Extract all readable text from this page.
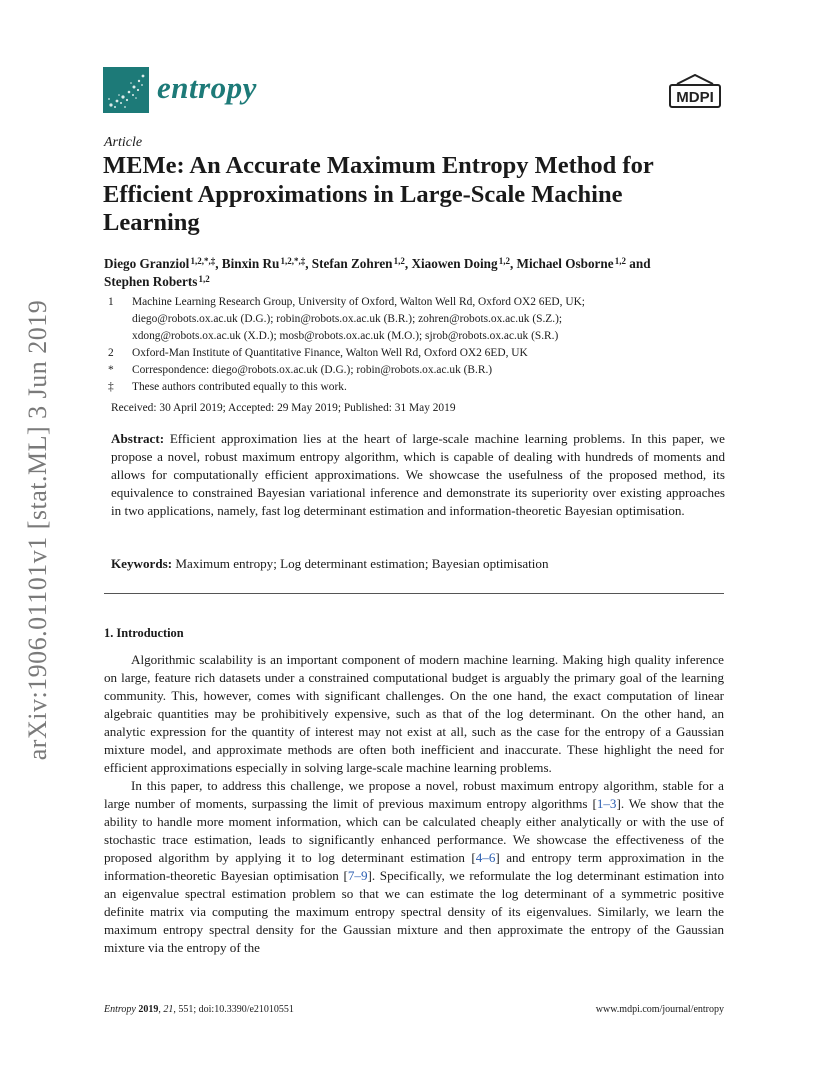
entropy	MDPI
Article
MEMe: An Accurate Maximum Entropy Method for Efficient Approximations in Large-Scale Machine Learning
Diego Granziol $^{1,2,*,\ddagger}$, Binxin Ru $^{1,2,*,\ddagger}$, Stefan Zohren $^{1,2}$, Xiaowen Doing $^{1,2}$, Michael Osborne $^{1,2}$ and
Stephen Roberts $^{1,2}$
1	Machine Learning Research Group, University of Oxford, Walton Well Rd, Oxford OX2 6ED, UK;
diego@robots.ox.ac.uk (D.G.); robin@robots.ox.ac.uk (B.R.); zohren@robots.ox.ac.uk (S.Z.);
xdong@robots.ox.ac.uk (X.D.); mosb@robots.ox.ac.uk (M.O.); sjrob@robots.ox.ac.uk (S.R.)
2	Oxford-Man Institute of Quantitative Finance, Walton Well Rd, Oxford OX2 6ED, UK
*	Correspondence: diego@robots.ox.ac.uk (D.G.); robin@robots.ox.ac.uk (B.R.)
‡	These authors contributed equally to this work.
Received: 30 April 2019; Accepted: 29 May 2019; Published: 31 May 2019
Abstract: Efficient approximation lies at the heart of large-scale machine learning problems. In this paper, we propose a novel, robust maximum entropy algorithm, which is capable of dealing with hundreds of moments and allows for computationally efficient approximations. We showcase the usefulness of the proposed method, its equivalence to constrained Bayesian variational inference and demonstrate its superiority over existing approaches in two applications, namely, fast log determinant estimation and information-theoretic Bayesian optimisation.
Keywords: Maximum entropy; Log determinant estimation; Bayesian optimisation
1. Introduction

Algorithmic scalability is an important component of modern machine learning. Making high quality inference on large, feature rich datasets under a constrained computational budget is arguably the primary goal of the learning community. This, however, comes with significant challenges. On the one hand, the exact computation of linear algebraic quantities may be prohibitively expensive, such as that of the log determinant. On the other hand, an analytic expression for the quantity of interest may not exist at all, such as the case for the entropy of a Gaussian mixture model, and approximate methods are often both inefficient and inaccurate. These highlight the need for efficient approximations especially in solving large-scale machine learning problems.

In this paper, to address this challenge, we propose a novel, robust maximum entropy algorithm, stable for a large number of moments, surpassing the limit of previous maximum entropy algorithms [1–3]. We show that the ability to handle more moment information, which can be calculated cheaply either analytically or with the use of stochastic trace estimation, leads to significantly enhanced performance. We showcase the effectiveness of the proposed algorithm by applying it to log determinant estimation [4–6] and entropy term approximation in the information-theoretic Bayesian optimisation [7–9]. Specifically, we reformulate the log determinant estimation into an eigenvalue spectral estimation problem so that we can estimate the log determinant of a symmetric positive definite matrix via computing the maximum entropy spectral density of its eigenvalues. Similarly, we learn the maximum entropy spectral density for the Gaussian mixture and then approximate the entropy of the Gaussian mixture via the entropy of the

Entropy 2019, 21, 551; doi:10.3390/e21010551	www.mdpi.com/journal/entropy
arXiv:1906.01101v1 [stat.ML] 3 Jun 2019
